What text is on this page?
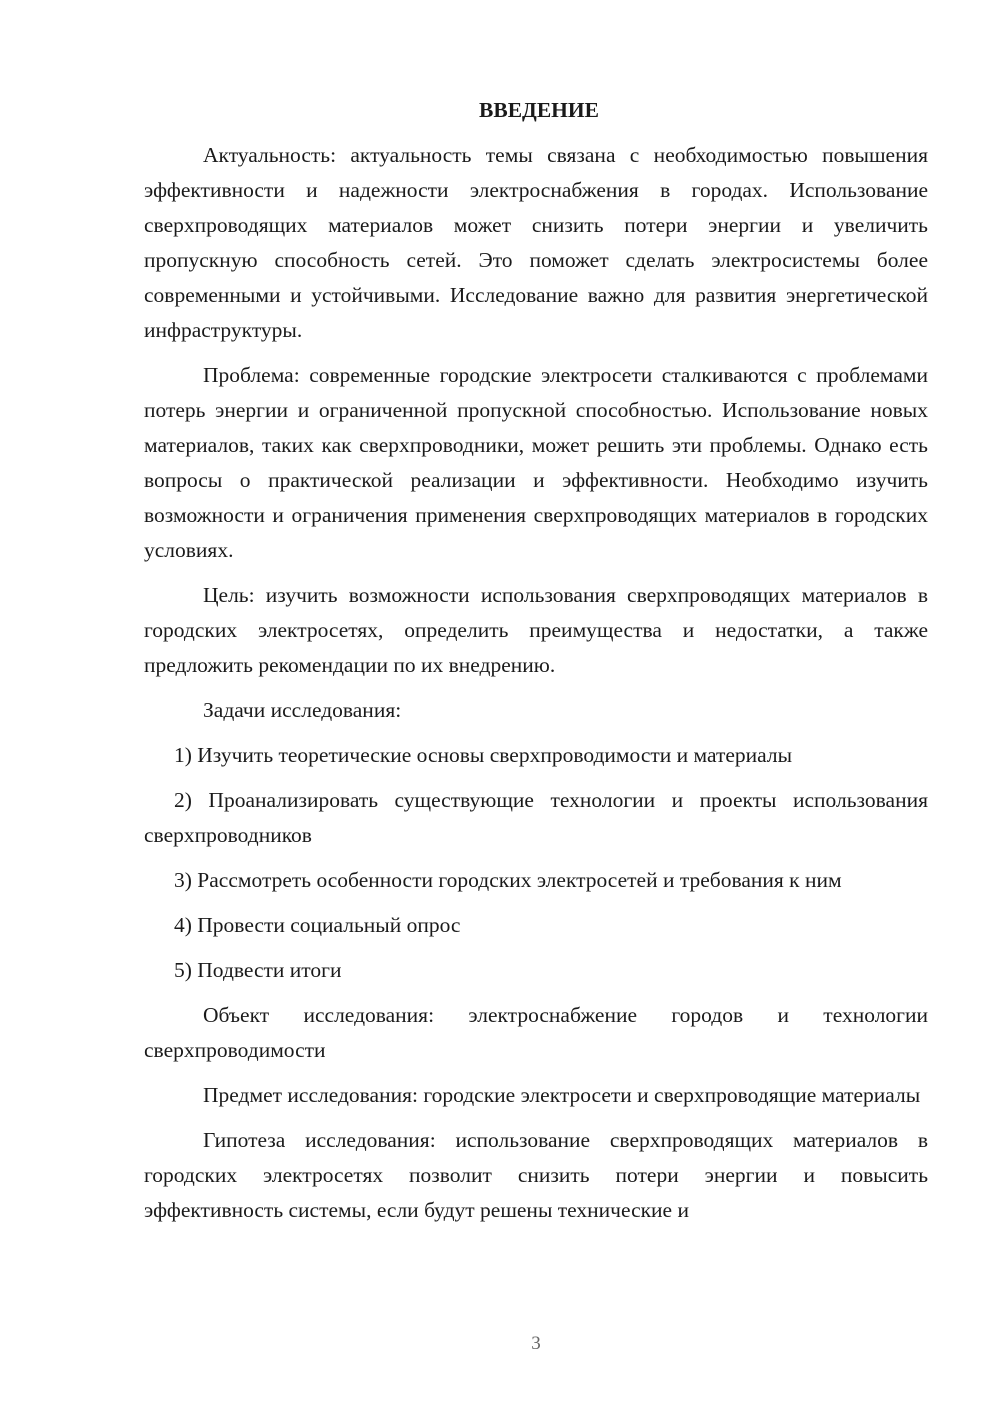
ВВЕДЕНИЕ
Актуальность: актуальность темы связана с необходимостью повышения эффективности и надежности электроснабжения в городах. Использование сверхпроводящих материалов может снизить потери энергии и увеличить пропускную способность сетей. Это поможет сделать электросистемы более современными и устойчивыми. Исследование важно для развития энергетической инфраструктуры.
Проблема: современные городские электросети сталкиваются с проблемами потерь энергии и ограниченной пропускной способностью. Использование новых материалов, таких как сверхпроводники, может решить эти проблемы. Однако есть вопросы о практической реализации и эффективности. Необходимо изучить возможности и ограничения применения сверхпроводящих материалов в городских условиях.
Цель: изучить возможности использования сверхпроводящих материалов в городских электросетях, определить преимущества и недостатки, а также предложить рекомендации по их внедрению.
Задачи исследования:
1) Изучить теоретические основы сверхпроводимости и материалы
2) Проанализировать существующие технологии и проекты использования сверхпроводников
3) Рассмотреть особенности городских электросетей и требования к ним
4) Провести социальный опрос
5) Подвести итоги
Объект исследования: электроснабжение городов и технологии сверхпроводимости
Предмет исследования: городские электросети и сверхпроводящие материалы
Гипотеза исследования: использование сверхпроводящих материалов в городских электросетях позволит снизить потери энергии и повысить эффективность системы, если будут решены технические и
3
